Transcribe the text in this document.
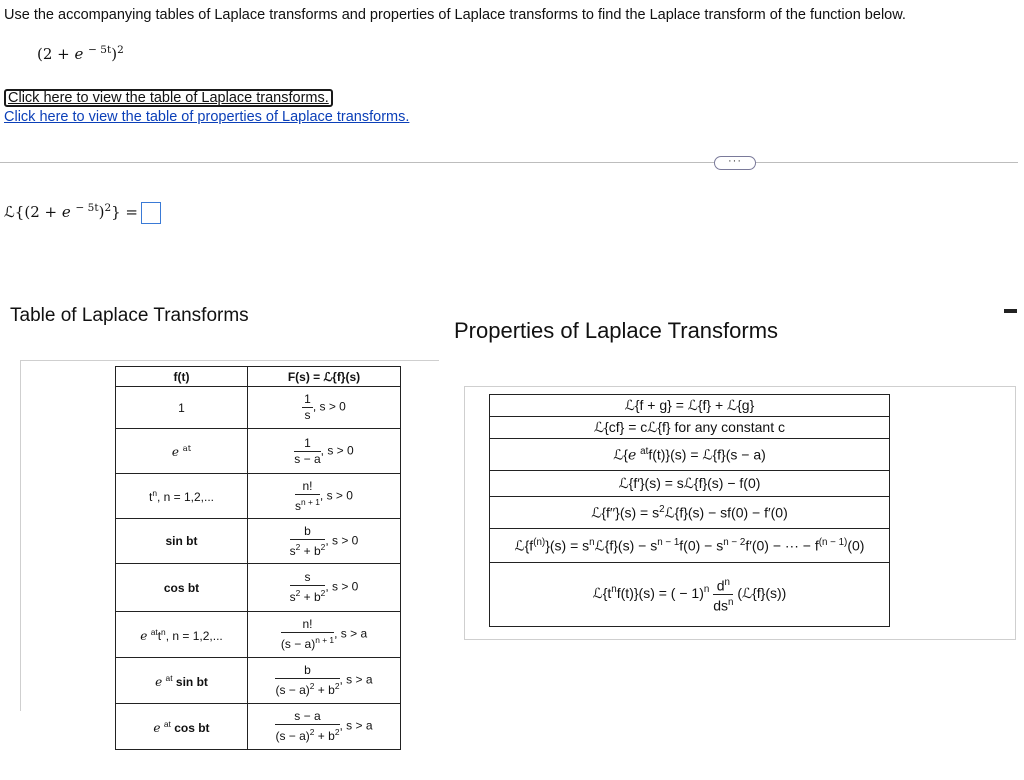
Use the accompanying tables of Laplace transforms and properties of Laplace transforms to find the Laplace transform of the function below.
(2 + e $^{- 5t}$)$^2$
Click here to view the table of Laplace transforms.
Click here to view the table of properties of Laplace transforms.
···
ℒ{(2 + e $^{- 5t}$)$^2$} =
Table of Laplace Transforms
Properties of Laplace Transforms
f(t)	F(s) = ℒ{f}(s)
1	$\frac{1}{s}$ , s > 0
e $^{at}$	$\frac{1}{s - a}$ , s > 0
$t^n$, n = 1,2,...	$\frac{n!}{s^{n + 1}}$ , s > 0
sin bt	$\frac{b}{s^2 + b^2}$ , s > 0
cos bt	$\frac{s}{s^2 + b^2}$ , s > 0
e $^{at}t^n$, n = 1,2,...	$\frac{n!}{(s - a)^{n + 1}}$ , s > a
e $^{at}$ sin bt	$\frac{b}{(s - a)^2 + b^2}$ , s > a
e $^{at}$ cos bt	$\frac{s - a}{(s - a)^2 + b^2}$ , s > a
ℒ{f + g} = ℒ{f} + ℒ{g}
ℒ{cf} = cℒ{f} for any constant c
ℒ{e $^{at}$f(t)}(s) = ℒ{f}(s − a)
ℒ{f′}(s) = sℒ{f}(s) − f(0)
ℒ{f′′}(s) = $s^2ℒ\{f\}(s) - sf(0) - f'(0)$
$ℒ\{f^{(n)}\}(s)$ = $s^nℒ\{f\}(s) - s^{n - 1}f(0) - s^{n - 2}f'(0)$ − ··· − $f^{(n - 1)}(0)$
$ℒ\{t^nf(t)\}(s)$ = ( − $1)^n \frac{d^n}{ds^n}$ (ℒ{f}(s))
